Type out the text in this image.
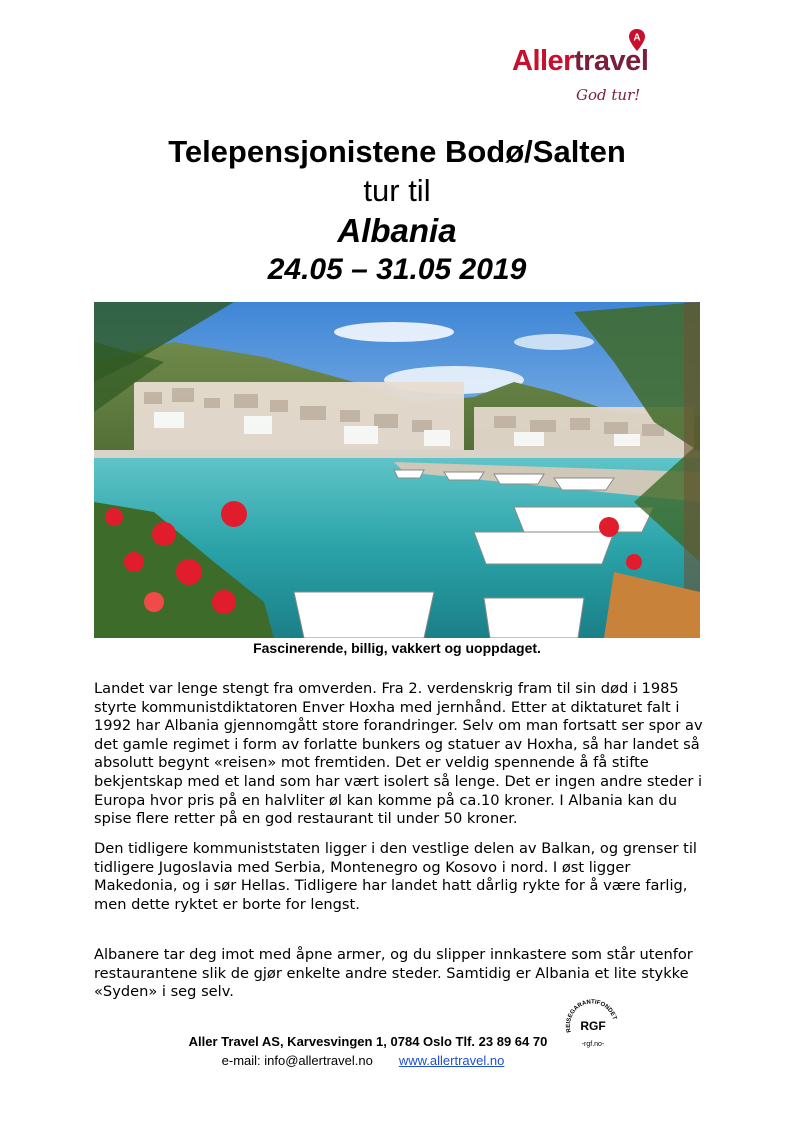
A
Allertravel
God tur!
Telepensjonistene Bodø/Salten
tur til
Albania
24.05 – 31.05 2019
Fascinerende, billig, vakkert og uoppdaget.

Landet var lenge stengt fra omverden. Fra 2. verdenskrig fram til sin død i 1985 styrte kommunistdiktatoren Enver Hoxha med jernhånd. Etter at diktaturet falt i 1992 har Albania gjennomgått store forandringer. Selv om man fortsatt ser spor av det gamle regimet i form av forlatte bunkers og statuer av Hoxha, så har landet så absolutt begynt «reisen» mot fremtiden. Det er veldig spennende å få stifte bekjentskap med et land som har vært isolert så lenge. Det er ingen andre steder i Europa hvor pris på en halvliter øl kan komme på ca.10 kroner. I Albania kan du spise flere retter på en god restaurant til under 50 kroner.

Den tidligere kommuniststaten ligger i den vestlige delen av Balkan, og grenser til tidligere Jugoslavia med Serbia, Montenegro og Kosovo i nord. I øst ligger Makedonia, og i sør Hellas. Tidligere har landet hatt dårlig rykte for å være farlig, men dette ryktet er borte for lengst.

Albanere tar deg imot med åpne armer, og du slipper innkastere som står utenfor restaurantene slik de gjør enkelte andre steder. Samtidig er Albania et lite stykke «Syden» i seg selv.

REISEGARANTIFONDET
RGF
-rgf.no-
Aller Travel AS, Karvesvingen 1, 0784 Oslo Tlf. 23 89 64 70
e-mail: info@allertravel.no www.allertravel.no
